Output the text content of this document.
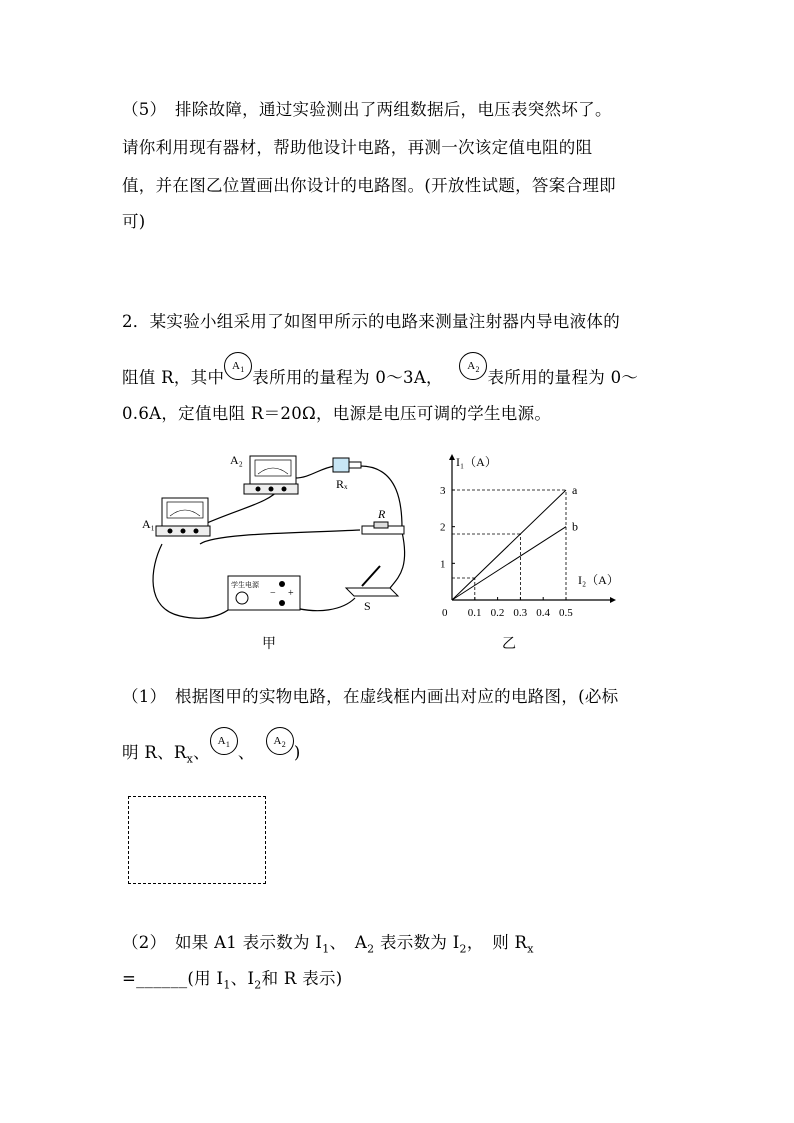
（5）　排除故障，通过实验测出了两组数据后，电压表突然坏了。
请你利用现有器材，帮助他设计电路，再测一次该定值电阻的阻
值，并在图乙位置画出你设计的电路图。(开放性试题，答案合理即
可)
2．某实验小组采用了如图甲所示的电路来测量注射器内导电液体的
阻值 R，其中$A_1$ 表所用的量程为 0～3A，   $A_2$ 表所用的量程为 0～
0.6A，定值电阻 R＝20Ω，电源是电压可调的学生电源。
A₂
Rₓ
A₁
R
− +
学生电源
S
甲
I₁（A）
I₂（A）
0 0.1 0.2 0.3 0.4 0.5
1
2
3	a
b
乙
（1）　根据图甲的实物电路，在虚线框内画出对应的电路图，(必标
明 R、$R_x$、$A_1$ 、  $A_2$ )
（2）　如果 A1 表示数为 $I_1$、　$A_2$ 表示数为 $I_2$，　则 $R_x$
=______(用 $I_1$、$I_2$和 R 表示)
